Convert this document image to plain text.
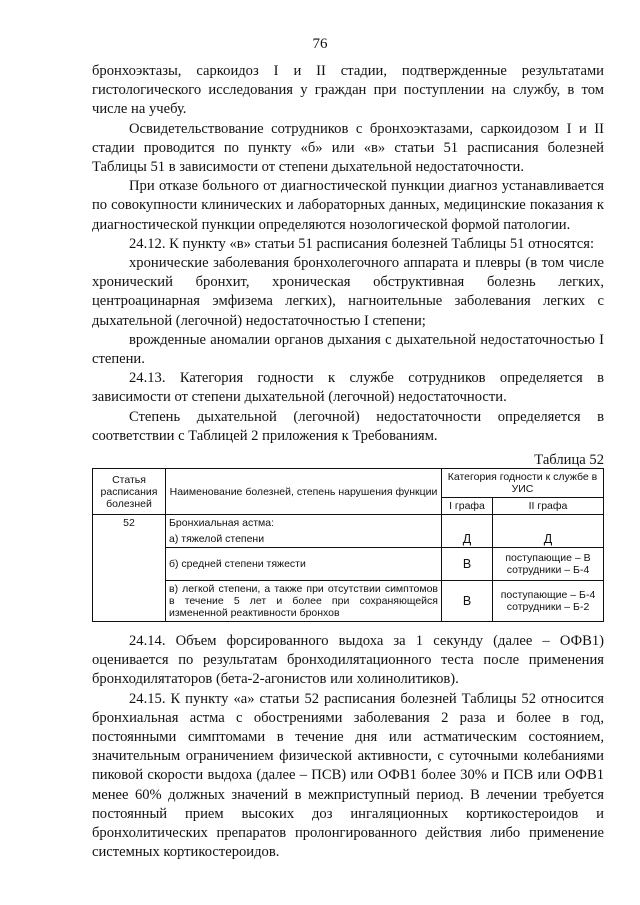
76

бронхоэктазы, саркоидоз I и II стадии, подтвержденные результатами гистологического исследования у граждан при поступлении на службу, в том числе на учебу.

Освидетельствование сотрудников с бронхоэктазами, саркоидозом I и II стадии проводится по пункту «б» или «в» статьи 51 расписания болезней Таблицы 51 в зависимости от степени дыхательной недостаточности.

При отказе больного от диагностической пункции диагноз устанавливается по совокупности клинических и лабораторных данных, медицинские показания к диагностической пункции определяются нозологической формой патологии.

24.12. К пункту «в» статьи 51 расписания болезней Таблицы 51 относятся:

хронические заболевания бронхолегочного аппарата и плевры (в том числе хронический бронхит, хроническая обструктивная болезнь легких, центроацинарная эмфизема легких), нагноительные заболевания легких с дыхательной (легочной) недостаточностью I степени;

врожденные аномалии органов дыхания с дыхательной недостаточностью I степени.

24.13. Категория годности к службе сотрудников определяется в зависимости от степени дыхательной (легочной) недостаточности.

Степень дыхательной (легочной) недостаточности определяется в соответствии с Таблицей 2 приложения к Требованиям.

Таблица 52
Статья расписания болезней	Наименование болезней, степень нарушения функции	Категория годности к службе в УИС	
		I графа	II графа
52	Бронхиальная астма:		
	а) тяжелой степени	Д	Д
	б) средней степени тяжести	В	поступающие – В сотрудники – Б-4
	в) легкой степени, а также при отсутствии симптомов в течение 5 лет и более при сохраняющейся измененной реактивности бронхов	В	поступающие – Б-4 сотрудники – Б-2

24.14. Объем форсированного выдоха за 1 секунду (далее – ОФВ1) оценивается по результатам бронходилятационного теста после применения бронходилятаторов (бета-2-агонистов или холинолитиков).

24.15. К пункту «а» статьи 52 расписания болезней Таблицы 52 относится бронхиальная астма с обострениями заболевания 2 раза и более в год, постоянными симптомами в течение дня или астматическим состоянием, значительным ограничением физической активности, с суточными колебаниями пиковой скорости выдоха (далее – ПСВ) или ОФВ1 более 30% и ПСВ или ОФВ1 менее 60% должных значений в межприступный период. В лечении требуется постоянный прием высоких доз ингаляционных кортикостероидов и бронхолитических препаратов пролонгированного действия либо применение системных кортикостероидов.
